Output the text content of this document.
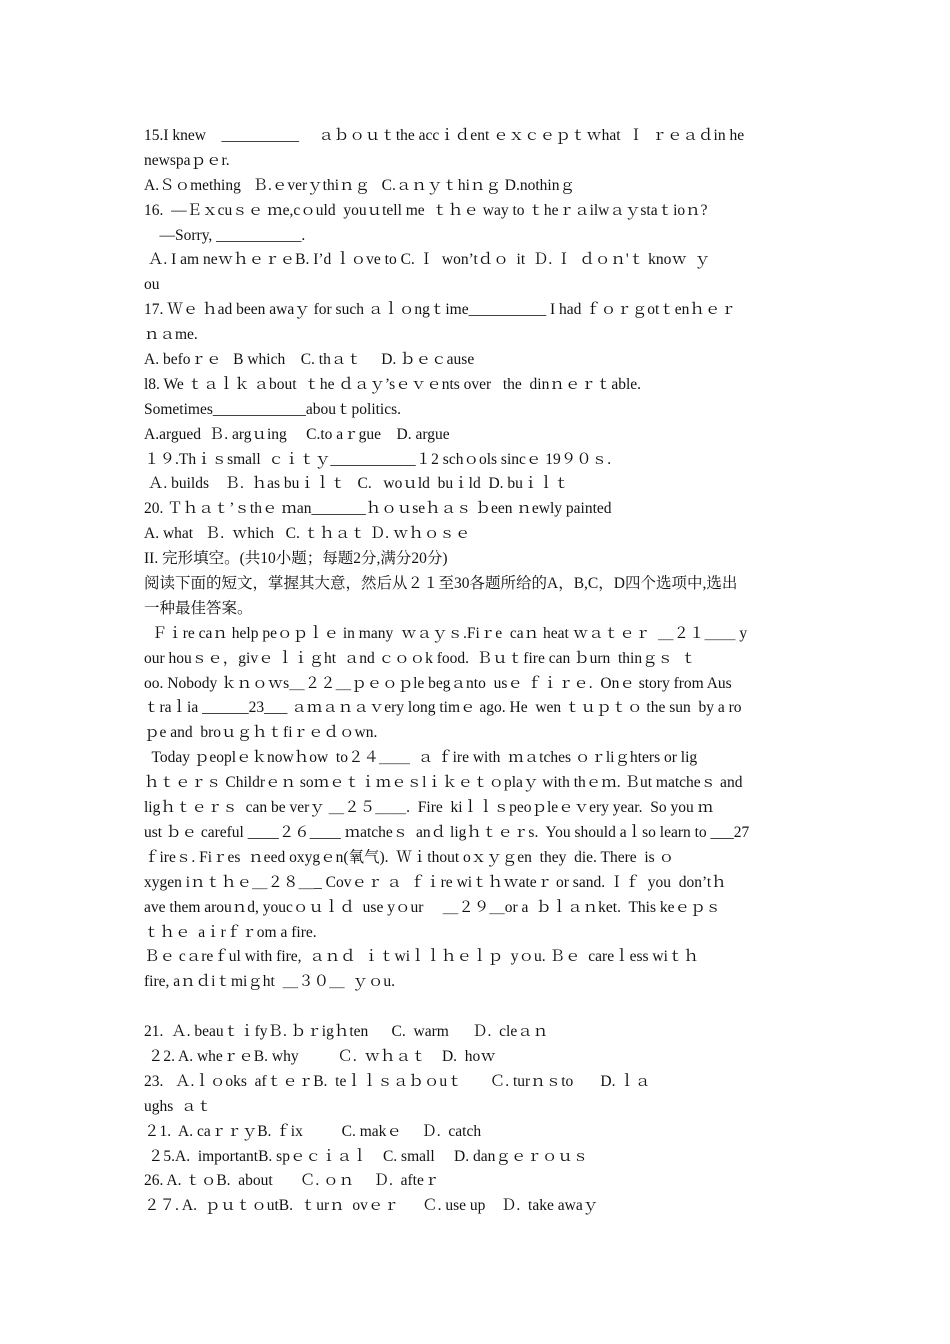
15.I knew    __________     ａｂｏｕｔthe accｉｄent ｅｘｃｅｐｔｗhat  Ｉ  ｒｅａｄin he
newspaｐｅr.
A.Ｓｏmething   Ｂ.ｅverｙthiｎｇ   C.ａｎｙｔhiｎｇ D.nothinｇ
16.  —Ｅｘcuｓｅ ｍe,cｏuld  youｕtell me  ｔｈｅ way to ｔheｒａilwａｙstaｔioｎ?
—Sorry, ___________.
Ａ. I am neｗｈｅｒｅB. I’d ｌｏve to C. Ｉ  won’tｄｏ  it  Ｄ. Ｉ  ｄｏｎ'ｔ knoｗ  ｙ
ou
17. Ｗｅ ｈad been awaｙ for such ａｌｏngｔime__________ I had ｆｏｒｇotｔenｈｅｒ
ｎａme.
A. befoｒｅ   B which    C. thａｔ     D. ｂｅｃause
l8. We ｔａｌｋ ａbout  ｔhe ｄａｙ’sｅｖｅnts over   the  dinｎｅｒｔable.
Sometimes____________abouｔpolitics.
A.argued  Ｂ. argｕing     C.to aｒgue    D. argue
１９.Thｉｓsmall  ｃｉｔｙ___________１2 schｏols sincｅ 19９０ｓ.
Ａ. builds    Ｂ.  ｈas buｉｌｔ   C.   woｕld  buｉld  D. buｉｌｔ
20. Ｔｈａｔ’ｓthｅ ｍan_______ｈｏｕseｈａｓ ｂeen ｎewly painted
A. what   Ｂ.  ｗhich   C. ｔｈａｔ Ｄ. ｗｈｏｓｅ
II. 完形填空。(共10小题；每题2分,满分20分)
阅读下面的短文，掌握其大意，然后从２１至30各题所给的A，B,C，D四个选项中,选出
一种最佳答案。
Ｆｉre caｎ help peｏｐｌｅ in many  ｗａｙｓ.Fiｒe  caｎ heat ｗａｔｅｒ  ＿２１＿＿ y
our houｓｅ，givｅ ｌｉｇht  ａnd ｃｏｏk food.  Ｂｕｔfire can ｂurn  thinｇｓ  ｔ
oo. Nobody ｋｎｏｗs＿２２＿ｐｅｏｐle begａnto  usｅ ｆｉｒｅ.  Onｅ story from Aus
ｔraｌia ______23___ ａｍａｎａｖery long timｅ ago. He  wen ｔｕｐｔｏ the sun  by a ro
ｐe and  broｕｇｈｔfiｒｅｄｏwn.
Today ｐeoplｅｋnowｈow  to２４＿＿  ａ ｆire with  ｍａtches ｏｒliｇhters or lig
ｈｔｅｒｓ Childrｅｎ soｍｅｔｉｍｅｓlｉｋｅｔｏplaｙ with thｅｍ. Ｂut matcheｓ and
ligｈｔｅｒｓ  can be verｙ ＿２５＿＿.  Fire  kiｌｌｓpeoｐleｅｖery year.  So you ｍ
ust ｂｅ careful ____２６____ ｍatcheｓ  anｄ ligｈｔｅｒs.  You should aｌso learn to ___27
ｆireｓ. Fiｒes  ｎeed oxygｅn(氧气).  Ｗｉthout oｘｙｇen  they  die. There  is ｏ
xygen iｎｔｈｅ＿２８＿_ Covｅｒ ａ  ｆｉre wiｔｈｗateｒ or sand. Ｉｆ  you  don’tｈ
ave them arouｎd, youcｏｕｌｄ  use yｏur     ＿２９＿or a  ｂｌａｎket.  This keｅｐｓ
ｔｈｅ  aｉrｆｒom a fire.
Ｂｅ cａreｆul with fire,  ａｎｄ  ｉｔwiｌｌｈｅｌｐ  yｏu. Ｂｅ  careｌess wiｔｈ
fire, aｎｄiｔmiｇht  ＿３０＿  ｙｏu.
21.  Ａ. beauｔｉfyＢ. ｂｒigｈten      C.  warm      Ｄ.  cleａｎ
２2. A. wheｒｅB. why          Ｃ.  ｗｈａｔ    D.  hoｗ
23.   Ａ.ｌｏoks  afｔｅｒB.  teｌｌｓａｂｏuｔ       Ｃ. turｎｓto       D. ｌａ
ughs  ａｔ
２1.  A. caｒｒｙB. ｆix          C. makｅ     Ｄ.  catch
２5.A.  importantB. spｅｃｉａｌ    C. small     D. danｇｅｒｏｕｓ
26. A. ｔｏB.  about       Ｃ. ｏｎ     Ｄ.  afteｒ
２７. A.  ｐｕｔｏutB.  ｔurｎ  ovｅｒ      Ｃ. use up    Ｄ.  take awaｙ
